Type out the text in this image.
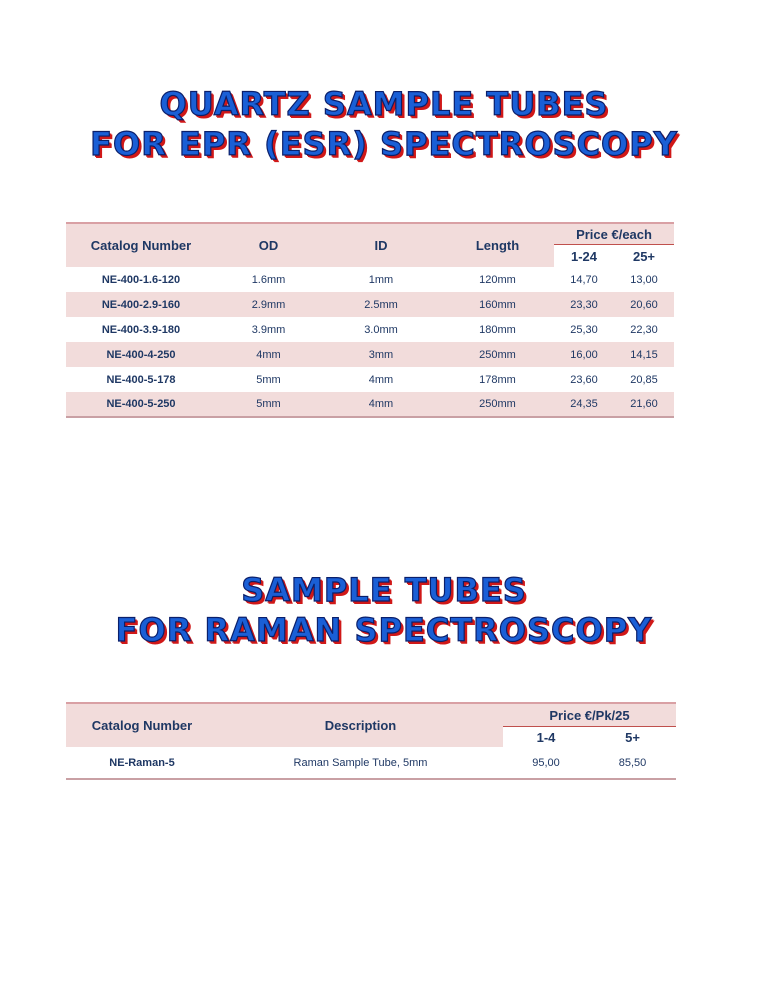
QUARTZ SAMPLE TUBES
FOR EPR (ESR) SPECTROSCOPY
Catalog Number	OD	ID	Length	Price €/each	
				1-24	25+
NE-400-1.6-120	1.6mm	1mm	120mm	14,70	13,00
NE-400-2.9-160	2.9mm	2.5mm	160mm	23,30	20,60
NE-400-3.9-180	3.9mm	3.0mm	180mm	25,30	22,30
NE-400-4-250	4mm	3mm	250mm	16,00	14,15
NE-400-5-178	5mm	4mm	178mm	23,60	20,85
NE-400-5-250	5mm	4mm	250mm	24,35	21,60
SAMPLE TUBES
FOR RAMAN SPECTROSCOPY
Catalog Number	Description	Price €/Pk/25	
		1-4	5+
NE-Raman-5	Raman Sample Tube, 5mm	95,00	85,50
